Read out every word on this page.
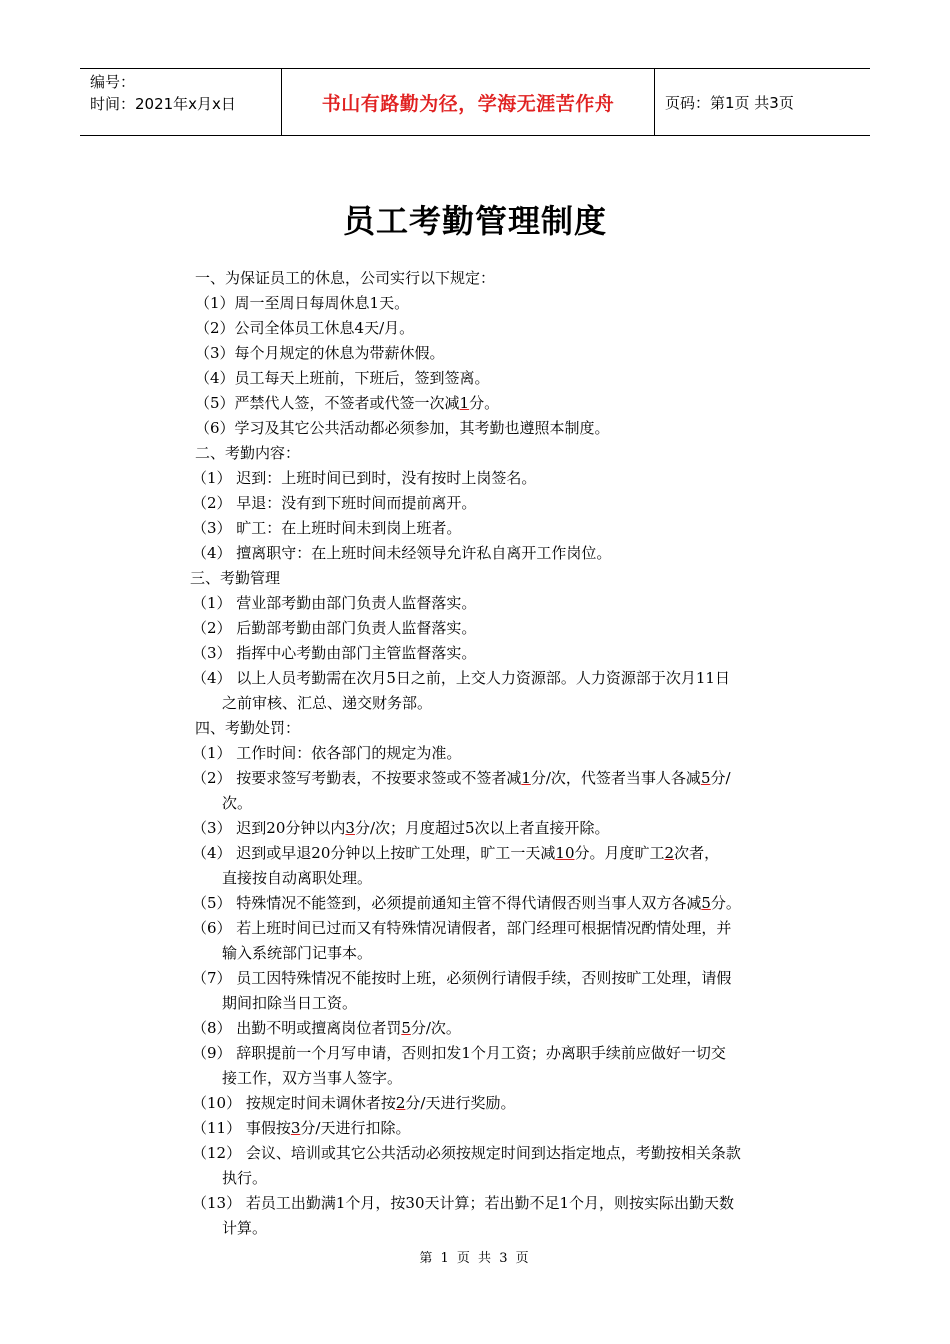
编号：
时间：2021年x月x日	书山有路勤为径，学海无涯苦作舟	页码：第1页 共3页
员工考勤管理制度
一、为保证员工的休息，公司实行以下规定：
（1）周一至周日每周休息1天。
（2）公司全体员工休息4天/月。
（3）每个月规定的休息为带薪休假。
（4）员工每天上班前，下班后，签到签离。
（5）严禁代人签，不签者或代签一次减1分。
（6）学习及其它公共活动都必须参加，其考勤也遵照本制度。
二、考勤内容：
（1） 迟到：上班时间已到时，没有按时上岗签名。
（2） 早退：没有到下班时间而提前离开。
（3） 旷工：在上班时间未到岗上班者。
（4） 擅离职守：在上班时间未经领导允许私自离开工作岗位。
三、考勤管理
（1） 营业部考勤由部门负责人监督落实。
（2） 后勤部考勤由部门负责人监督落实。
（3） 指挥中心考勤由部门主管监督落实。
（4） 以上人员考勤需在次月5日之前，上交人力资源部。人力资源部于次月11日
之前审核、汇总、递交财务部。
四、考勤处罚：
（1） 工作时间：依各部门的规定为准。
（2） 按要求签写考勤表，不按要求签或不签者减1分/次，代签者当事人各减5分/
次。
（3） 迟到20分钟以内3分/次；月度超过5次以上者直接开除。
（4） 迟到或早退20分钟以上按旷工处理，旷工一天减10分。月度旷工2次者，
直接按自动离职处理。
（5） 特殊情况不能签到，必须提前通知主管不得代请假否则当事人双方各减5分。
（6） 若上班时间已过而又有特殊情况请假者，部门经理可根据情况酌情处理，并
输入系统部门记事本。
（7） 员工因特殊情况不能按时上班，必须例行请假手续，否则按旷工处理，请假
期间扣除当日工资。
（8） 出勤不明或擅离岗位者罚5分/次。
（9） 辞职提前一个月写申请，否则扣发1个月工资；办离职手续前应做好一切交
接工作，双方当事人签字。
（10） 按规定时间未调休者按2分/天进行奖励。
（11） 事假按3分/天进行扣除。
（12） 会议、培训或其它公共活动必须按规定时间到达指定地点，考勤按相关条款
执行。
（13） 若员工出勤满1个月，按30天计算；若出勤不足1个月，则按实际出勤天数
计算。
第 1 页 共 3 页
